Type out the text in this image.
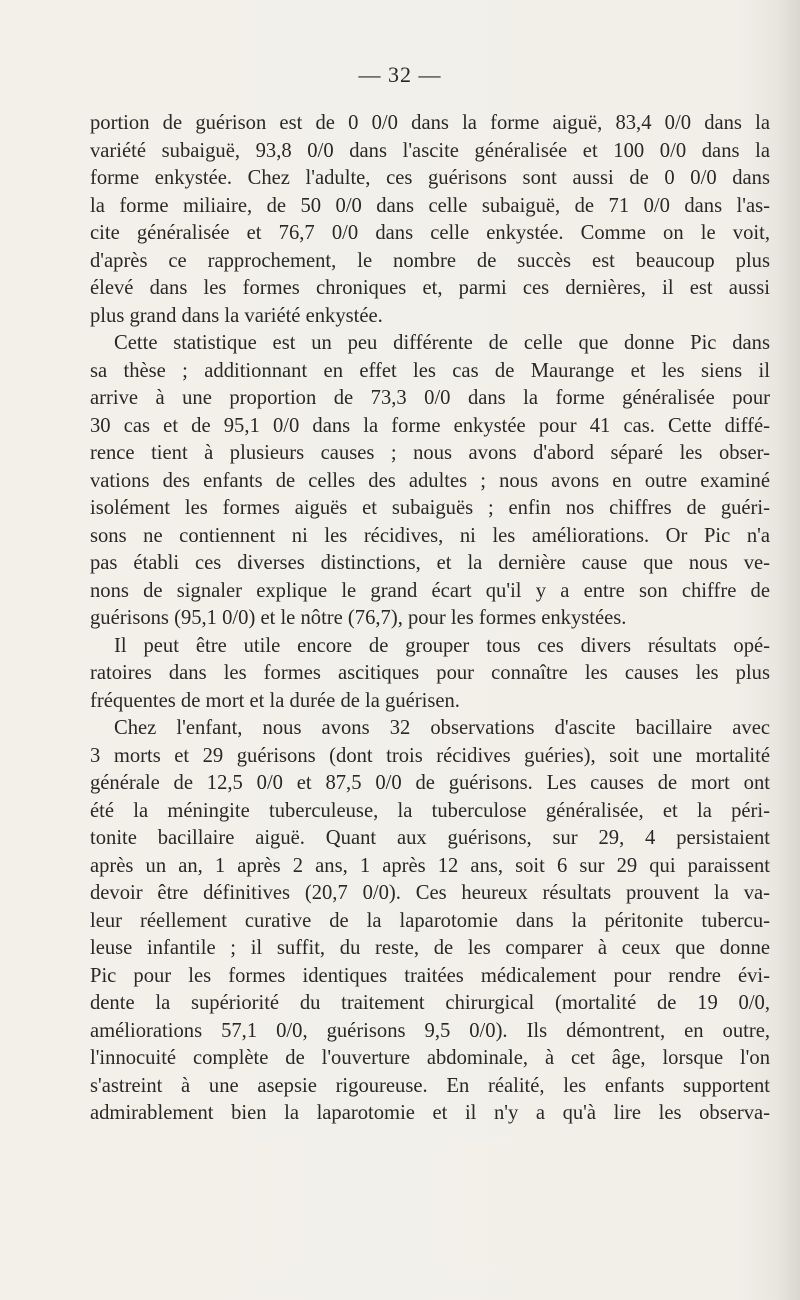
— 32 —
portion de guérison est de 0 0/0 dans la forme aiguë, 83,4 0/0 dans la
variété subaiguë, 93,8 0/0 dans l'ascite généralisée et 100 0/0 dans la
forme enkystée. Chez l'adulte, ces guérisons sont aussi de 0 0/0 dans
la forme miliaire, de 50 0/0 dans celle subaiguë, de 71 0/0 dans l'as-
cite généralisée et 76,7 0/0 dans celle enkystée. Comme on le voit,
d'après ce rapprochement, le nombre de succès est beaucoup plus
élevé dans les formes chroniques et, parmi ces dernières, il est aussi
plus grand dans la variété enkystée.
Cette statistique est un peu différente de celle que donne Pic dans
sa thèse ; additionnant en effet les cas de Maurange et les siens il
arrive à une proportion de 73,3 0/0 dans la forme généralisée pour
30 cas et de 95,1 0/0 dans la forme enkystée pour 41 cas. Cette diffé-
rence tient à plusieurs causes ; nous avons d'abord séparé les obser-
vations des enfants de celles des adultes ; nous avons en outre examiné
isolément les formes aiguës et subaiguës ; enfin nos chiffres de guéri-
sons ne contiennent ni les récidives, ni les améliorations. Or Pic n'a
pas établi ces diverses distinctions, et la dernière cause que nous ve-
nons de signaler explique le grand écart qu'il y a entre son chiffre de
guérisons (95,1 0/0) et le nôtre (76,7), pour les formes enkystées.
Il peut être utile encore de grouper tous ces divers résultats opé-
ratoires dans les formes ascitiques pour connaître les causes les plus
fréquentes de mort et la durée de la guérisen.
Chez l'enfant, nous avons 32 observations d'ascite bacillaire avec
3 morts et 29 guérisons (dont trois récidives guéries), soit une mortalité
générale de 12,5 0/0 et 87,5 0/0 de guérisons. Les causes de mort ont
été la méningite tuberculeuse, la tuberculose généralisée, et la péri-
tonite bacillaire aiguë. Quant aux guérisons, sur 29, 4 persistaient
après un an, 1 après 2 ans, 1 après 12 ans, soit 6 sur 29 qui paraissent
devoir être définitives (20,7 0/0). Ces heureux résultats prouvent la va-
leur réellement curative de la laparotomie dans la péritonite tubercu-
leuse infantile ; il suffit, du reste, de les comparer à ceux que donne
Pic pour les formes identiques traitées médicalement pour rendre évi-
dente la supériorité du traitement chirurgical (mortalité de 19 0/0,
améliorations 57,1 0/0, guérisons 9,5 0/0). Ils démontrent, en outre,
l'innocuité complète de l'ouverture abdominale, à cet âge, lorsque l'on
s'astreint à une asepsie rigoureuse. En réalité, les enfants supportent
admirablement bien la laparotomie et il n'y a qu'à lire les observa-
